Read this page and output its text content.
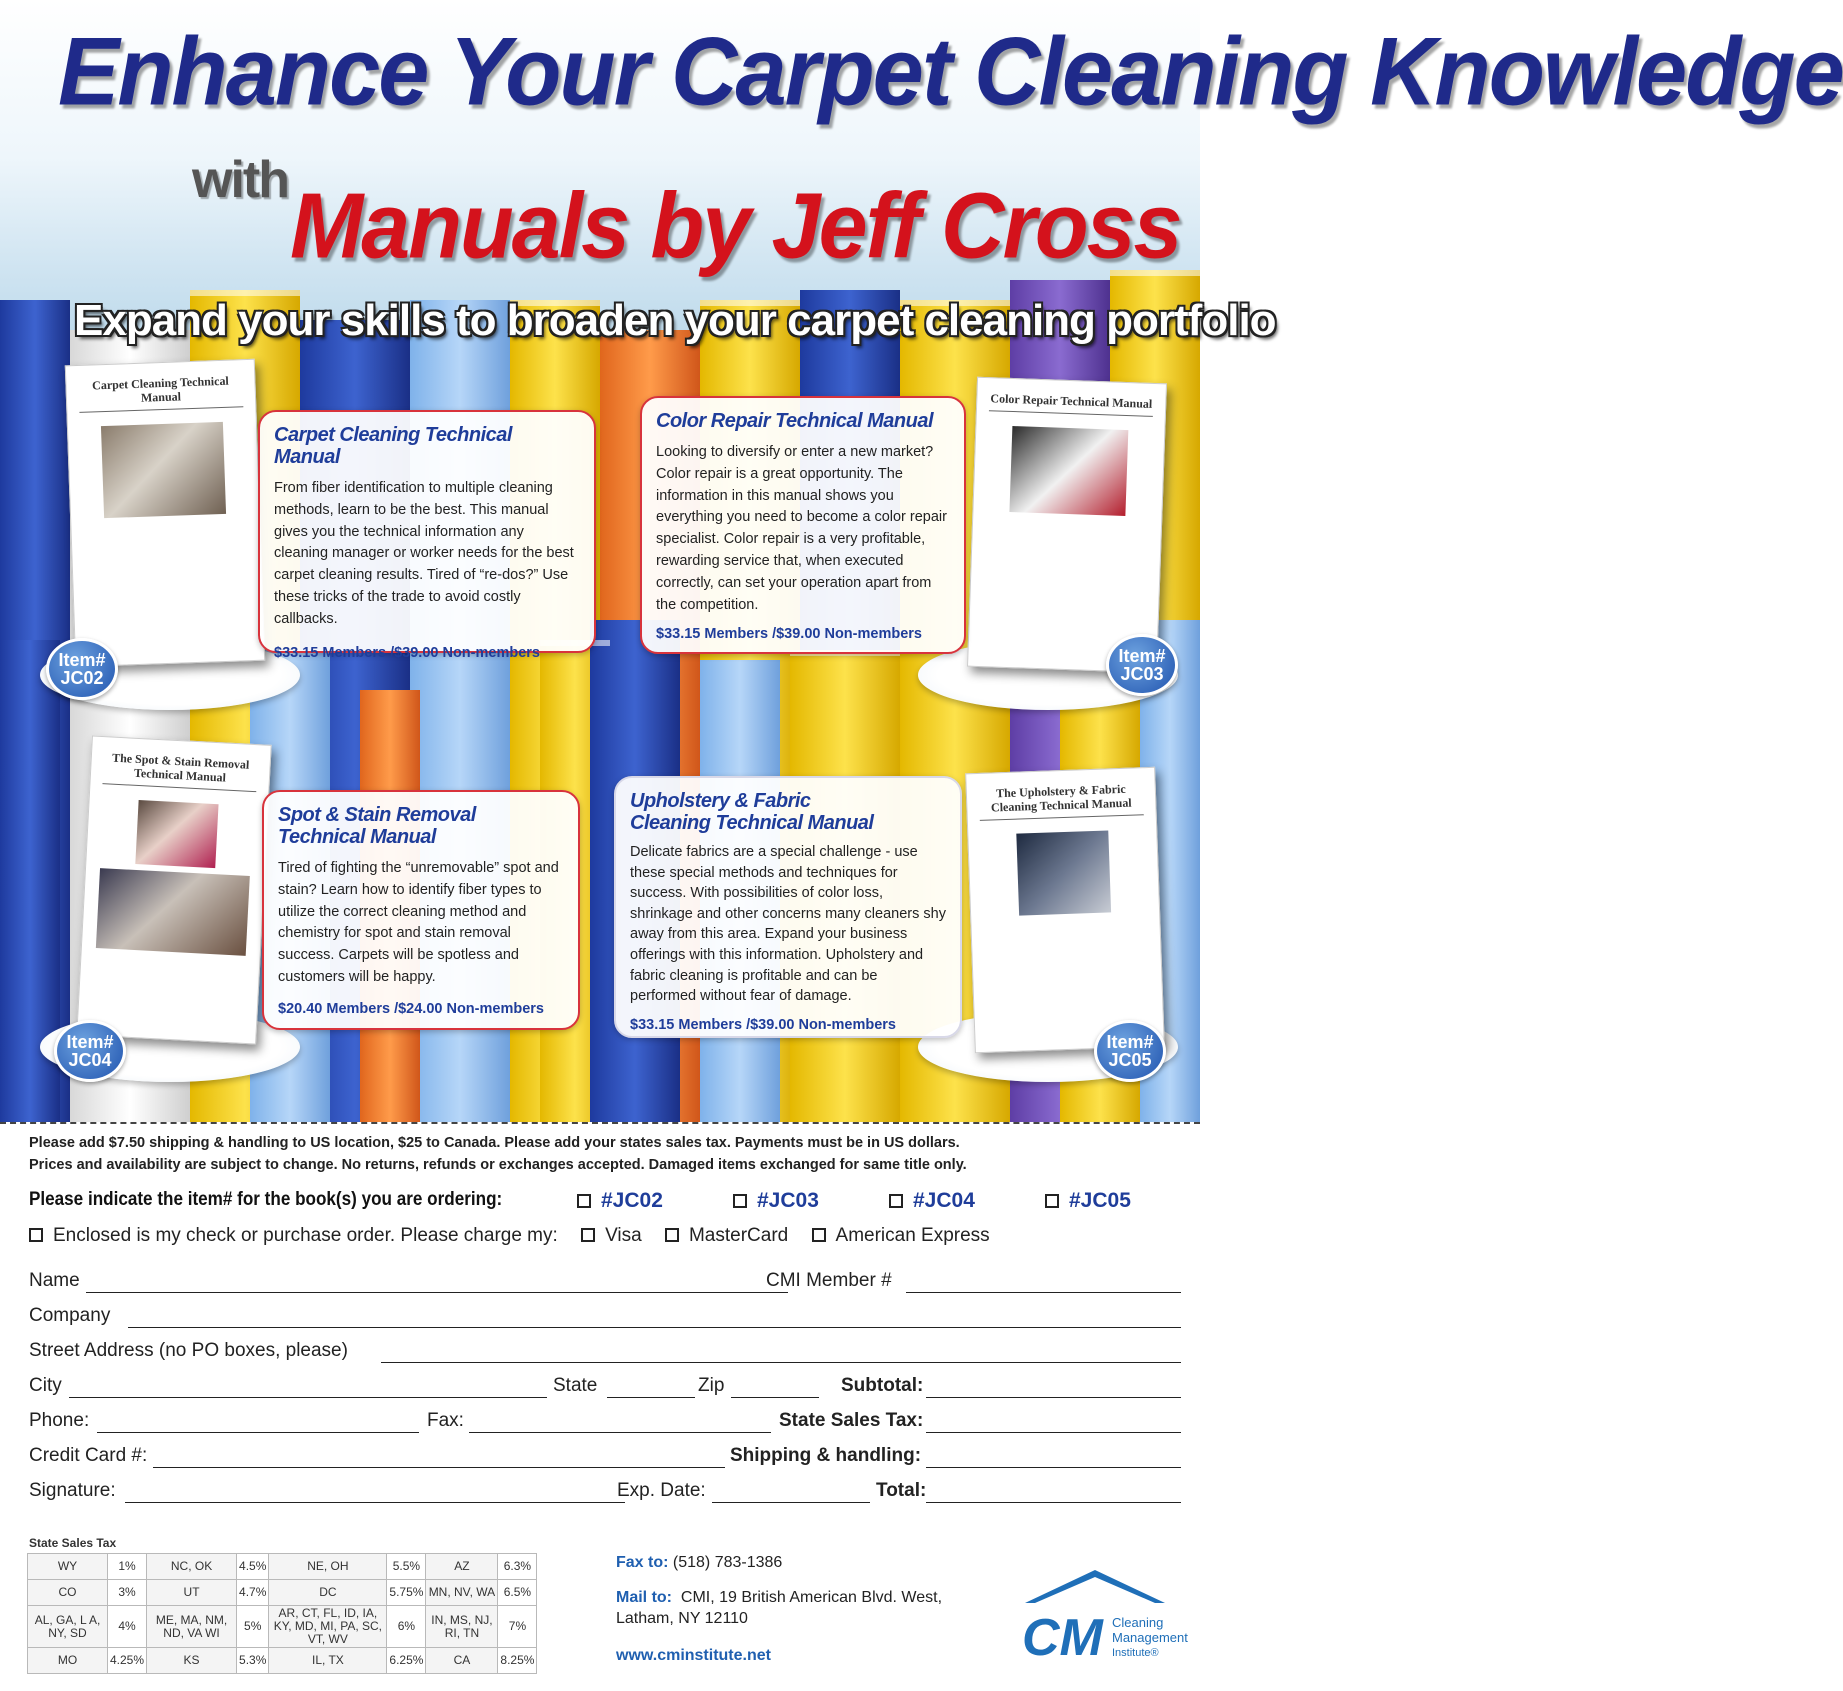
Enhance Your Carpet Cleaning Knowledge
with Manuals by Jeff Cross
Expand your skills to broaden your carpet cleaning portfolio
Carpet Cleaning Technical Manual
Item#
JC02
Carpet Cleaning Technical Manual
From fiber identification to multiple cleaning methods, learn to be the best. This manual gives you the technical information any cleaning manager or worker needs for the best carpet cleaning results. Tired of “re-dos?” Use these tricks of the trade to avoid costly callbacks.
$33.15 Members /$39.00 Non-members
Color Repair Technical Manual
Item#
JC03
Color Repair Technical Manual
Looking to diversify or enter a new market? Color repair is a great opportunity. The information in this manual shows you everything you need to become a color repair specialist. Color repair is a very profitable, rewarding service that, when executed correctly, can set your operation apart from the competition.
$33.15 Members /$39.00 Non-members
The Spot & Stain Removal Technical Manual
Item#
JC04
Spot & Stain Removal Technical Manual
Tired of fighting the “unremovable” spot and stain? Learn how to identify fiber types to utilize the correct cleaning method and chemistry for spot and stain removal success. Carpets will be spotless and customers will be happy.
$20.40 Members /$24.00 Non-members
The Upholstery & Fabric Cleaning Technical Manual
Item#
JC05
Upholstery & Fabric Cleaning Technical Manual
Delicate fabrics are a special challenge - use these special methods and techniques for success. With possibilities of color loss, shrinkage and other concerns many cleaners shy away from this area. Expand your business offerings with this information. Upholstery and fabric cleaning is profitable and can be performed without fear of damage.
$33.15 Members /$39.00 Non-members
Please add $7.50 shipping & handling to US location, $25 to Canada. Please add your states sales tax. Payments must be in US dollars.
Prices and availability are subject to change. No returns, refunds or exchanges accepted. Damaged items exchanged for same title only.
Please indicate the item# for the book(s) you are ordering:	#JC02	#JC03	#JC04	#JC05
Enclosed is my check or purchase order. Please charge my: Visa MasterCard American Express
Name	CMI Member #
Company
Street Address (no PO boxes, please)
City	State	Zip	Subtotal:
Phone:	Fax:	State Sales Tax:
Credit Card #:	Shipping & handling:
Signature:	Exp. Date:	Total:
State Sales Tax
WY	1%	NC, OK	4.5%	NE, OH	5.5%	AZ	6.3%
CO	3%	UT	4.7%	DC	5.75%	MN, NV, WA	6.5%
AL, GA, L A, NY, SD	4%	ME, MA, NM, ND, VA WI	5%	AR, CT, FL, ID, IA, KY, MD, MI, PA, SC, VT, WV	6%	IN, MS, NJ, RI, TN	7%
MO	4.25%	KS	5.3%	IL, TX	6.25%	CA	8.25%
Fax to: (518) 783-1386
Mail to: CMI, 19 British American Blvd. West,
Latham, NY 12110
www.cminstitute.net	CM Cleaning
Management
Institute®
